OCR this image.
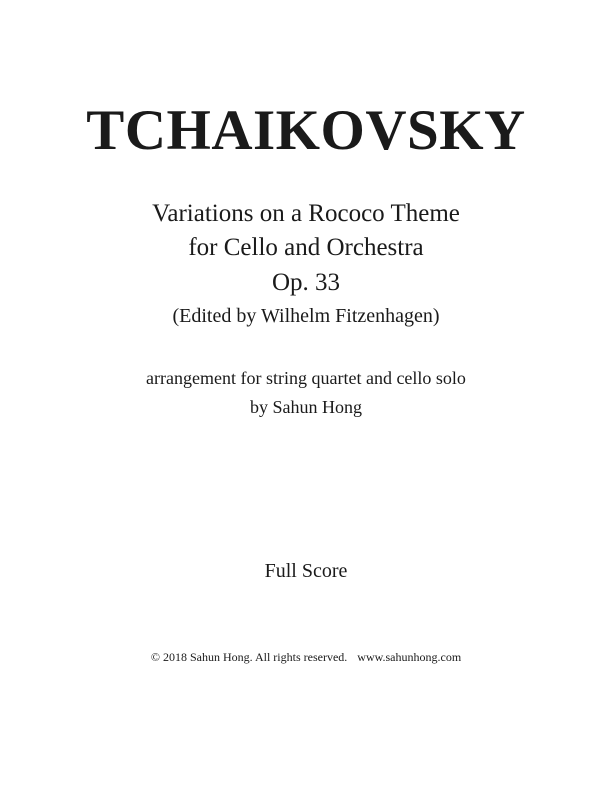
TCHAIKOVSKY

Variations on a Rococo Theme

for Cello and Orchestra

Op. 33

(Edited by Wilhelm Fitzenhagen)

arrangement for string quartet and cello solo

by Sahun Hong

Full Score

© 2018 Sahun Hong. All rights reserved. www.sahunhong.com
